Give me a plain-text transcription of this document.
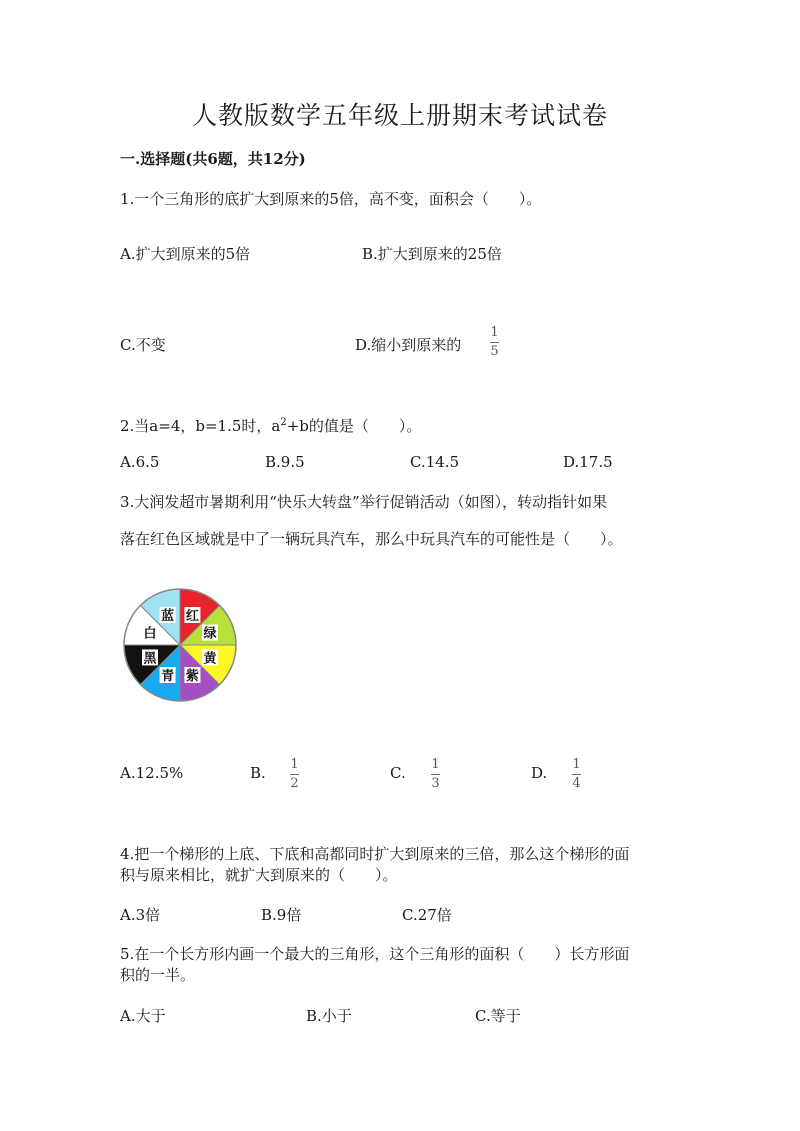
人教版数学五年级上册期末考试试卷
一.选择题(共6题，共12分)
1.一个三角形的底扩大到原来的5倍，高不变，面积会（　　）。
A.扩大到原来的5倍	B.扩大到原来的25倍
C.不变	D.缩小到原来的
1
5
2.当a=4，b=1.5时，$a^2+b$的值是（　　）。
A.6.5	B.9.5	C.14.5	D.17.5
3.大润发超市暑期利用“快乐大转盘”举行促销活动（如图），转动指针如果
落在红色区域就是中了一辆玩具汽车，那么中玩具汽车的可能性是（　　）。
红
绿
黄
紫
青
黑
白
蓝
A.12.5%	B. 1
2
C. 1
3
D. 1
4
4.把一个梯形的上底、下底和高都同时扩大到原来的三倍，那么这个梯形的面
积与原来相比，就扩大到原来的（　　）。
A.3倍	B.9倍	C.27倍
5.在一个长方形内画一个最大的三角形，这个三角形的面积（　　）长方形面
积的一半。
A.大于	B.小于	C.等于
